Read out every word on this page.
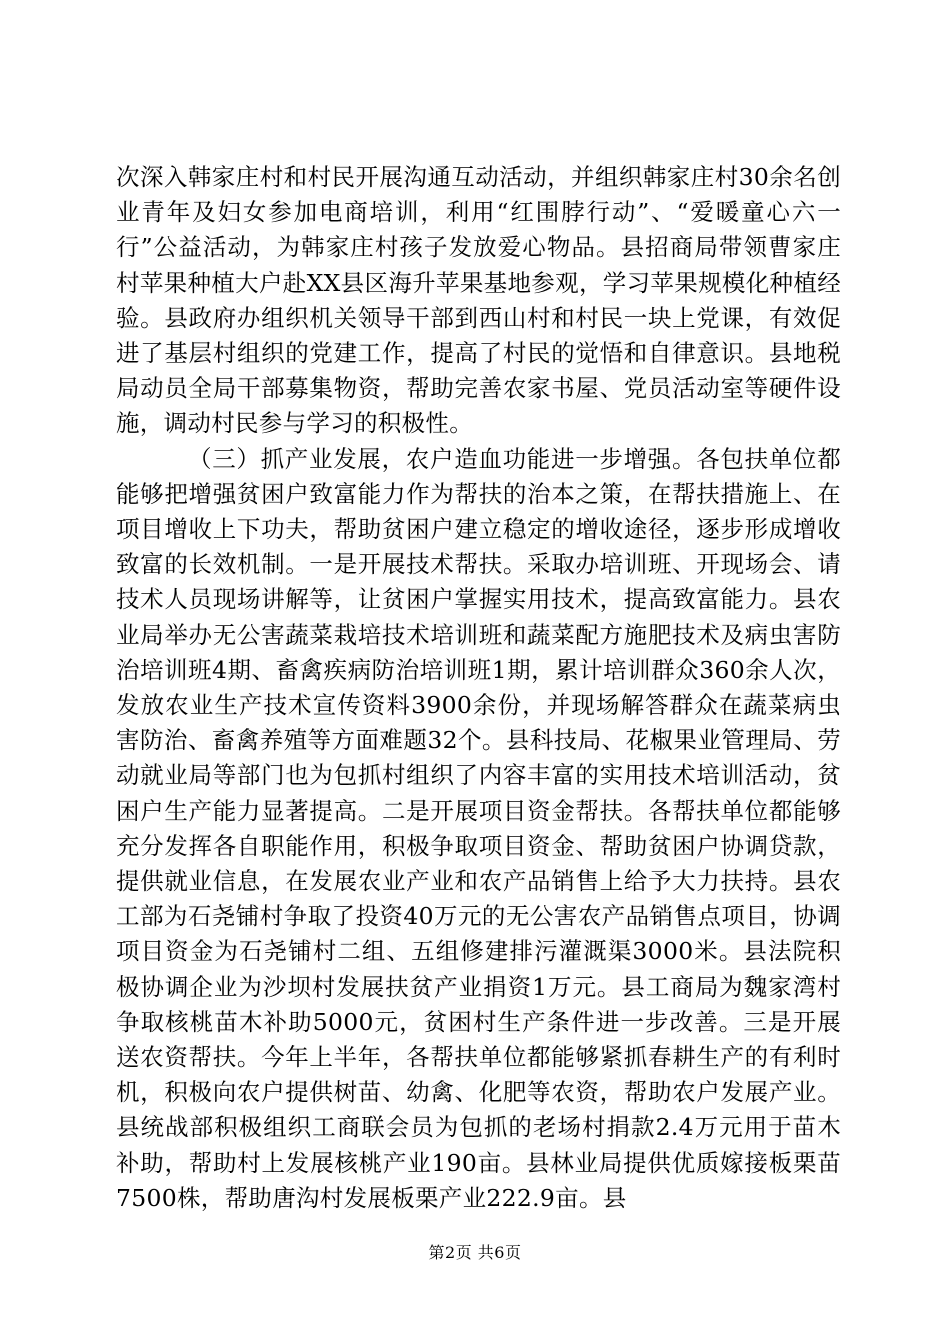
次深入韩家庄村和村民开展沟通互动活动，并组织韩家庄村30余名创业青年及妇女参加电商培训，利用“红围脖行动”、“爱暖童心六一行”公益活动，为韩家庄村孩子发放爱心物品。县招商局带领曹家庄村苹果种植大户赴XX县区海升苹果基地参观，学习苹果规模化种植经验。县政府办组织机关领导干部到西山村和村民一块上党课，有效促进了基层村组织的党建工作，提高了村民的觉悟和自律意识。县地税局动员全局干部募集物资，帮助完善农家书屋、党员活动室等硬件设施，调动村民参与学习的积极性。

（三）抓产业发展，农户造血功能进一步增强。各包扶单位都能够把增强贫困户致富能力作为帮扶的治本之策，在帮扶措施上、在项目增收上下功夫，帮助贫困户建立稳定的增收途径，逐步形成增收致富的长效机制。一是开展技术帮扶。采取办培训班、开现场会、请技术人员现场讲解等，让贫困户掌握实用技术，提高致富能力。县农业局举办无公害蔬菜栽培技术培训班和蔬菜配方施肥技术及病虫害防治培训班4期、畜禽疾病防治培训班1期，累计培训群众360余人次，发放农业生产技术宣传资料3900余份，并现场解答群众在蔬菜病虫害防治、畜禽养殖等方面难题32个。县科技局、花椒果业管理局、劳动就业局等部门也为包抓村组织了内容丰富的实用技术培训活动，贫困户生产能力显著提高。二是开展项目资金帮扶。各帮扶单位都能够充分发挥各自职能作用，积极争取项目资金、帮助贫困户协调贷款，提供就业信息，在发展农业产业和农产品销售上给予大力扶持。县农工部为石尧铺村争取了投资40万元的无公害农产品销售点项目，协调项目资金为石尧铺村二组、五组修建排污灌溉渠3000米。县法院积极协调企业为沙坝村发展扶贫产业捐资1万元。县工商局为魏家湾村争取核桃苗木补助5000元，贫困村生产条件进一步改善。三是开展送农资帮扶。今年上半年，各帮扶单位都能够紧抓春耕生产的有利时机，积极向农户提供树苗、幼禽、化肥等农资，帮助农户发展产业。县统战部积极组织工商联会员为包抓的老场村捐款2.4万元用于苗木补助，帮助村上发展核桃产业190亩。县林业局提供优质嫁接板栗苗7500株，帮助唐沟村发展板栗产业222.9亩。县

第2页 共6页
